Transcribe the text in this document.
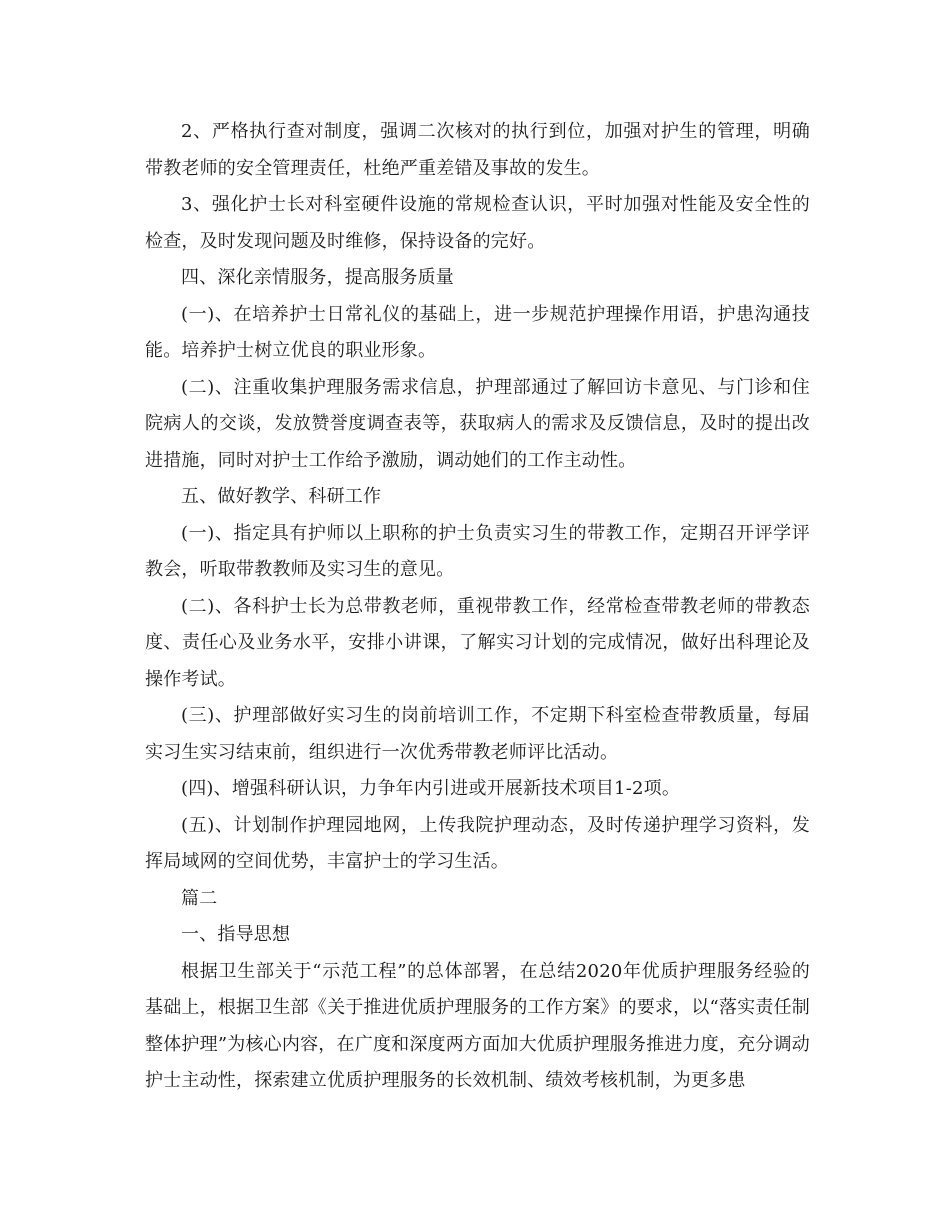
2、严格执行查对制度，强调二次核对的执行到位，加强对护生的管理，明确带教老师的安全管理责任，杜绝严重差错及事故的发生。

3、强化护士长对科室硬件设施的常规检查认识，平时加强对性能及安全性的检查，及时发现问题及时维修，保持设备的完好。

四、深化亲情服务，提高服务质量

(一)、在培养护士日常礼仪的基础上，进一步规范护理操作用语，护患沟通技能。培养护士树立优良的职业形象。

(二)、注重收集护理服务需求信息，护理部通过了解回访卡意见、与门诊和住院病人的交谈，发放赞誉度调查表等，获取病人的需求及反馈信息，及时的提出改进措施，同时对护士工作给予激励，调动她们的工作主动性。

五、做好教学、科研工作

(一)、指定具有护师以上职称的护士负责实习生的带教工作，定期召开评学评教会，听取带教教师及实习生的意见。

(二)、各科护士长为总带教老师，重视带教工作，经常检查带教老师的带教态度、责任心及业务水平，安排小讲课，了解实习计划的完成情况，做好出科理论及操作考试。

(三)、护理部做好实习生的岗前培训工作，不定期下科室检查带教质量，每届实习生实习结束前，组织进行一次优秀带教老师评比活动。

(四)、增强科研认识，力争年内引进或开展新技术项目1-2项。

(五)、计划制作护理园地网，上传我院护理动态，及时传递护理学习资料，发挥局域网的空间优势，丰富护士的学习生活。

篇二

一、指导思想

根据卫生部关于“示范工程”的总体部署，在总结2020年优质护理服务经验的基础上，根据卫生部《关于推进优质护理服务的工作方案》的要求，以“落实责任制整体护理”为核心内容，在广度和深度两方面加大优质护理服务推进力度，充分调动护士主动性，探索建立优质护理服务的长效机制、绩效考核机制，为更多患
